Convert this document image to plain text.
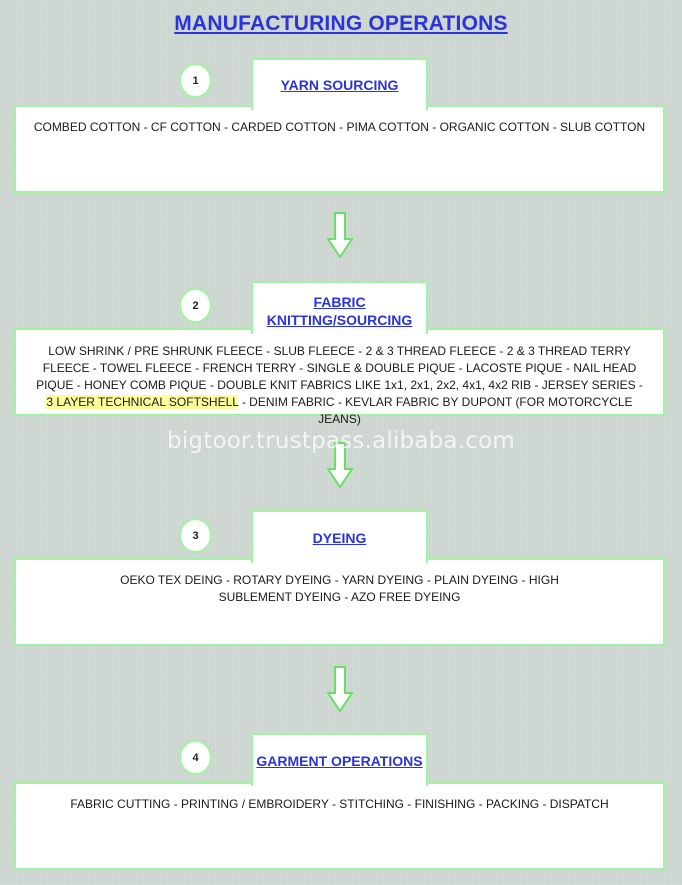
MANUFACTURING OPERATIONS
1	YARN SOURCING
COMBED COTTON - CF COTTON - CARDED COTTON - PIMA COTTON - ORGANIC COTTON - SLUB COTTON
2	FABRIC KNITTING/SOURCING
LOW SHRINK / PRE SHRUNK FLEECE - SLUB FLEECE - 2 & 3 THREAD FLEECE - 2 & 3 THREAD TERRY FLEECE - TOWEL FLEECE - FRENCH TERRY - SINGLE & DOUBLE PIQUE - LACOSTE PIQUE - NAIL HEAD PIQUE - HONEY COMB PIQUE - DOUBLE KNIT FABRICS LIKE 1x1, 2x1, 2x2, 4x1, 4x2 RIB - JERSEY SERIES - 3 LAYER TECHNICAL SOFTSHELL - DENIM FABRIC - KEVLAR FABRIC BY DUPONT (FOR MOTORCYCLE JEANS)
bigtoor.trustpass.alibaba.com
3	DYEING
OEKO TEX DEING - ROTARY DYEING - YARN DYEING - PLAIN DYEING - HIGH SUBLEMENT DYEING - AZO FREE DYEING
4	GARMENT OPERATIONS
FABRIC CUTTING - PRINTING / EMBROIDERY - STITCHING - FINISHING - PACKING - DISPATCH
